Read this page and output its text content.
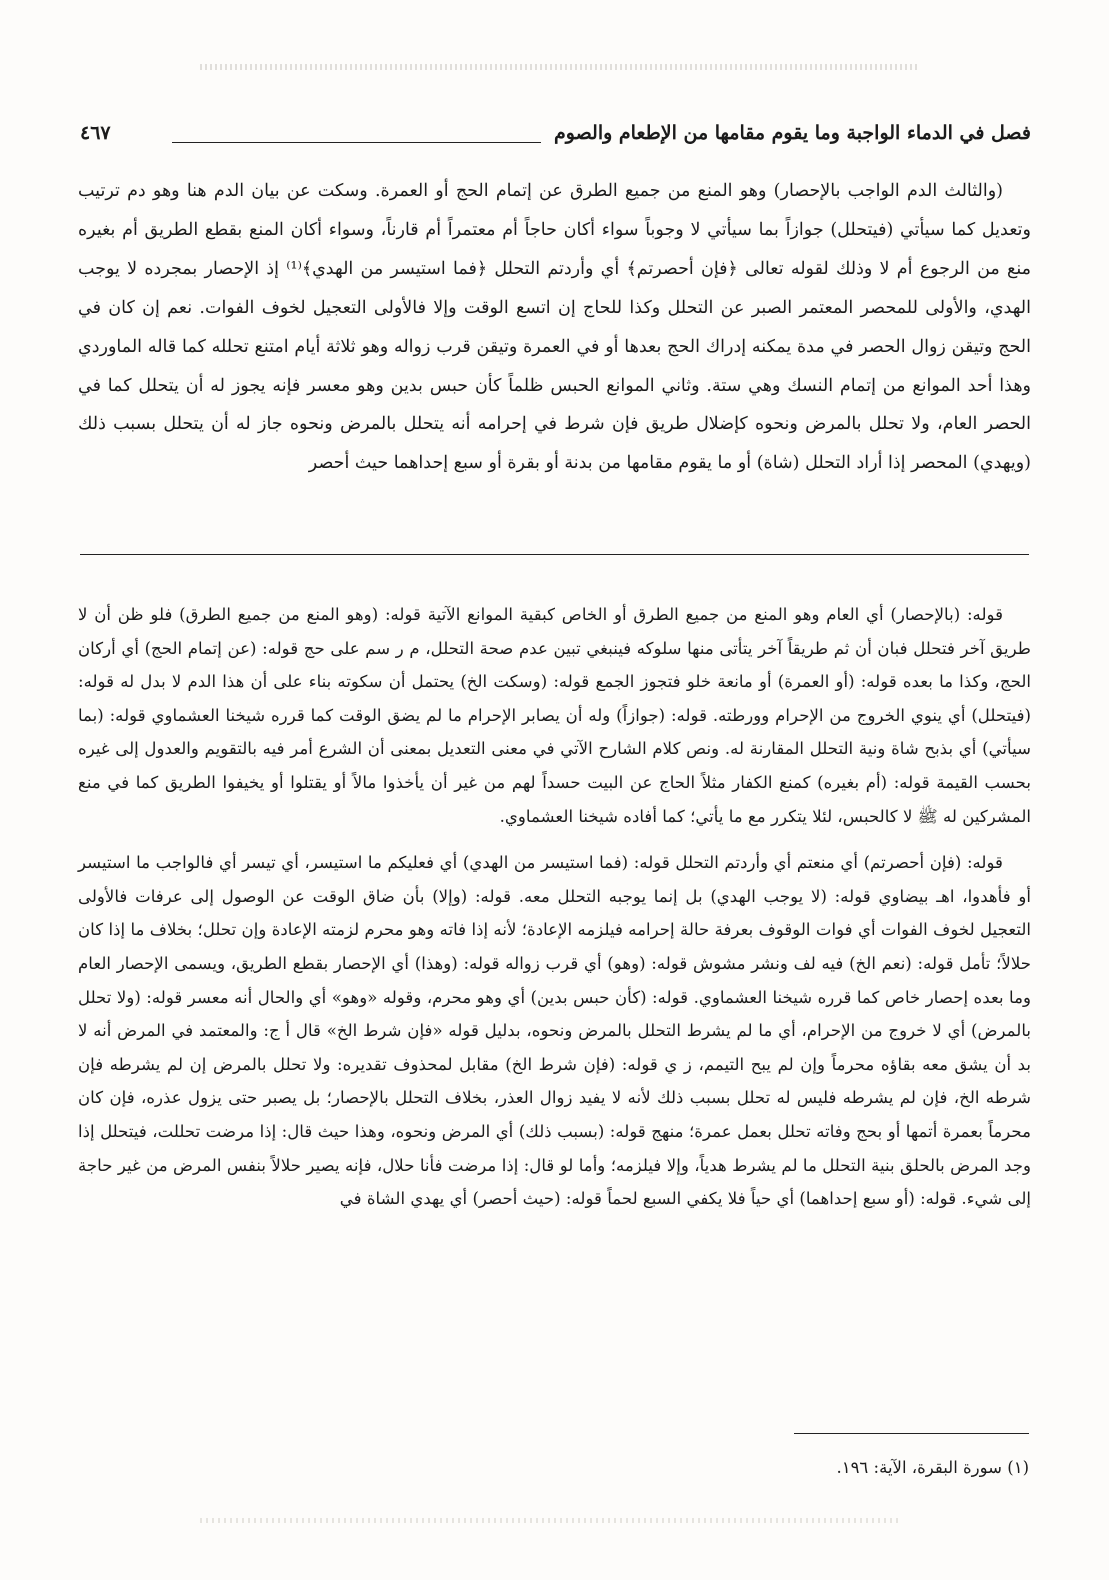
فصل في الدماء الواجبة وما يقوم مقامها من الإطعام والصوم
٤٦٧

(والثالث الدم الواجب بالإحصار) وهو المنع من جميع الطرق عن إتمام الحج أو العمرة. وسكت عن بيان الدم هنا وهو دم ترتيب وتعديل كما سيأتي (فيتحلل) جوازاً بما سيأتي لا وجوباً سواء أكان حاجاً أم معتمراً أم قارناً، وسواء أكان المنع بقطع الطريق أم بغيره منع من الرجوع أم لا وذلك لقوله تعالى ﴿فإن أحصرتم﴾ أي وأردتم التحلل ﴿فما استيسر من الهدي﴾⁽¹⁾ إذ الإحصار بمجرده لا يوجب الهدي، والأولى للمحصر المعتمر الصبر عن التحلل وكذا للحاج إن اتسع الوقت وإلا فالأولى التعجيل لخوف الفوات. نعم إن كان في الحج وتيقن زوال الحصر في مدة يمكنه إدراك الحج بعدها أو في العمرة وتيقن قرب زواله وهو ثلاثة أيام امتنع تحلله كما قاله الماوردي وهذا أحد الموانع من إتمام النسك وهي ستة. وثاني الموانع الحبس ظلماً كأن حبس بدين وهو معسر فإنه يجوز له أن يتحلل كما في الحصر العام، ولا تحلل بالمرض ونحوه كإضلال طريق فإن شرط في إحرامه أنه يتحلل بالمرض ونحوه جاز له أن يتحلل بسبب ذلك (ويهدي) المحصر إذا أراد التحلل (شاة) أو ما يقوم مقامها من بدنة أو بقرة أو سبع إحداهما حيث أحصر

قوله: (بالإحصار) أي العام وهو المنع من جميع الطرق أو الخاص كبقية الموانع الآتية قوله: (وهو المنع من جميع الطرق) فلو ظن أن لا طريق آخر فتحلل فبان أن ثم طريقاً آخر يتأتى منها سلوكه فينبغي تبين عدم صحة التحلل، م ر سم على حج قوله: (عن إتمام الحج) أي أركان الحج، وكذا ما بعده قوله: (أو العمرة) أو مانعة خلو فتجوز الجمع قوله: (وسكت الخ) يحتمل أن سكوته بناء على أن هذا الدم لا بدل له قوله: (فيتحلل) أي ينوي الخروج من الإحرام وورطته. قوله: (جوازاً) وله أن يصابر الإحرام ما لم يضق الوقت كما قرره شيخنا العشماوي قوله: (بما سيأتي) أي بذبح شاة ونية التحلل المقارنة له. ونص كلام الشارح الآتي في معنى التعديل بمعنى أن الشرع أمر فيه بالتقويم والعدول إلى غيره بحسب القيمة قوله: (أم بغيره) كمنع الكفار مثلاً الحاج عن البيت حسداً لهم من غير أن يأخذوا مالاً أو يقتلوا أو يخيفوا الطريق كما في منع المشركين له ﷺ لا كالحبس، لئلا يتكرر مع ما يأتي؛ كما أفاده شيخنا العشماوي.

قوله: (فإن أحصرتم) أي منعتم أي وأردتم التحلل قوله: (فما استيسر من الهدي) أي فعليكم ما استيسر، أي تيسر أي فالواجب ما استيسر أو فأهدوا، اهـ بيضاوي قوله: (لا يوجب الهدي) بل إنما يوجبه التحلل معه. قوله: (وإلا) بأن ضاق الوقت عن الوصول إلى عرفات فالأولى التعجيل لخوف الفوات أي فوات الوقوف بعرفة حالة إحرامه فيلزمه الإعادة؛ لأنه إذا فاته وهو محرم لزمته الإعادة وإن تحلل؛ بخلاف ما إذا كان حلالاً؛ تأمل قوله: (نعم الخ) فيه لف ونشر مشوش قوله: (وهو) أي قرب زواله قوله: (وهذا) أي الإحصار بقطع الطريق، ويسمى الإحصار العام وما بعده إحصار خاص كما قرره شيخنا العشماوي. قوله: (كأن حبس بدين) أي وهو محرم، وقوله «وهو» أي والحال أنه معسر قوله: (ولا تحلل بالمرض) أي لا خروج من الإحرام، أي ما لم يشرط التحلل بالمرض ونحوه، بدليل قوله «فإن شرط الخ» قال أ ج: والمعتمد في المرض أنه لا بد أن يشق معه بقاؤه محرماً وإن لم يبح التيمم، ز ي قوله: (فإن شرط الخ) مقابل لمحذوف تقديره: ولا تحلل بالمرض إن لم يشرطه فإن شرطه الخ، فإن لم يشرطه فليس له تحلل بسبب ذلك لأنه لا يفيد زوال العذر، بخلاف التحلل بالإحصار؛ بل يصبر حتى يزول عذره، فإن كان محرماً بعمرة أتمها أو بحج وفاته تحلل بعمل عمرة؛ منهج قوله: (بسبب ذلك) أي المرض ونحوه، وهذا حيث قال: إذا مرضت تحللت، فيتحلل إذا وجد المرض بالحلق بنية التحلل ما لم يشرط هدياً، وإلا فيلزمه؛ وأما لو قال: إذا مرضت فأنا حلال، فإنه يصير حلالاً بنفس المرض من غير حاجة إلى شيء. قوله: (أو سبع إحداهما) أي حياً فلا يكفي السبع لحماً قوله: (حيث أحصر) أي يهدي الشاة في

(١) سورة البقرة، الآية: ١٩٦.
